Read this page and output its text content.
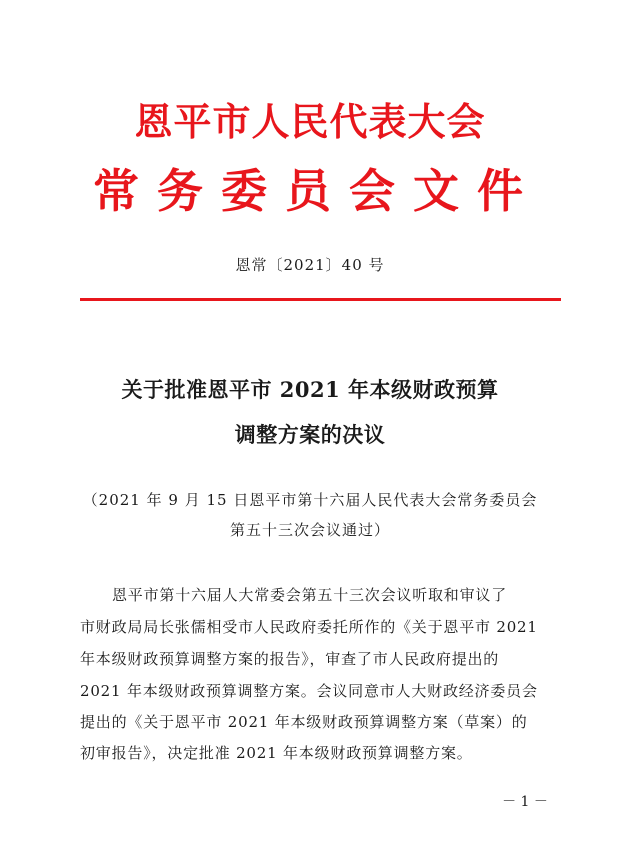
恩平市人民代表大会
常务委员会文件
恩常〔2021〕40 号
关于批准恩平市 2021 年本级财政预算
调整方案的决议
（2021 年 9 月 15 日恩平市第十六届人民代表大会常务委员会
第五十三次会议通过）
恩平市第十六届人大常委会第五十三次会议听取和审议了
市财政局局长张儒相受市人民政府委托所作的《关于恩平市 2021
年本级财政预算调整方案的报告》，审查了市人民政府提出的
2021 年本级财政预算调整方案。会议同意市人大财政经济委员会
提出的《关于恩平市 2021 年本级财政预算调整方案（草案）的
初审报告》，决定批准 2021 年本级财政预算调整方案。
－ 1 －
